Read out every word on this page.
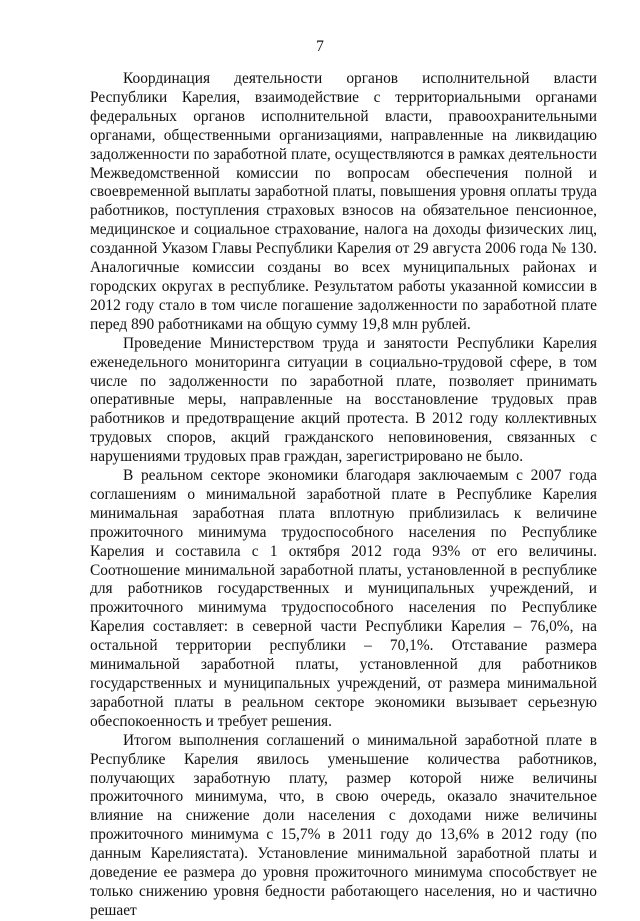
7

Координация деятельности органов исполнительной власти Республики Карелия, взаимодействие с территориальными органами федеральных органов исполнительной власти, правоохранительными органами, общественными организациями, направленные на ликвидацию задолженности по заработной плате, осуществляются в рамках деятельности Межведомственной комиссии по вопросам обеспечения полной и своевременной выплаты заработной платы, повышения уровня оплаты труда работников, поступления страховых взносов на обязательное пенсионное, медицинское и социальное страхование, налога на доходы физических лиц, созданной Указом Главы Республики Карелия от 29 августа 2006 года № 130. Аналогичные комиссии созданы во всех муниципальных районах и городских округах в республике. Результатом работы указанной комиссии в 2012 году стало в том числе погашение задолженности по заработной плате перед 890 работниками на общую сумму 19,8 млн рублей.

Проведение Министерством труда и занятости Республики Карелия еженедельного мониторинга ситуации в социально-трудовой сфере, в том числе по задолженности по заработной плате, позволяет принимать оперативные меры, направленные на восстановление трудовых прав работников и предотвращение акций протеста. В 2012 году коллективных трудовых споров, акций гражданского неповиновения, связанных с нарушениями трудовых прав граждан, зарегистрировано не было.

В реальном секторе экономики благодаря заключаемым с 2007 года соглашениям о минимальной заработной плате в Республике Карелия минимальная заработная плата вплотную приблизилась к величине прожиточного минимума трудоспособного населения по Республике Карелия и составила с 1 октября 2012 года 93% от его величины. Соотношение минимальной заработной платы, установленной в республике для работников государственных и муниципальных учреждений, и прожиточного минимума трудоспособного населения по Республике Карелия составляет: в северной части Республики Карелия – 76,0%, на остальной территории республики – 70,1%. Отставание размера минимальной заработной платы, установленной для работников государственных и муниципальных учреждений, от размера минимальной заработной платы в реальном секторе экономики вызывает серьезную обеспокоенность и требует решения.

Итогом выполнения соглашений о минимальной заработной плате в Республике Карелия явилось уменьшение количества работников, получающих заработную плату, размер которой ниже величины прожиточного минимума, что, в свою очередь, оказало значительное влияние на снижение доли населения с доходами ниже величины прожиточного минимума с 15,7% в 2011 году до 13,6% в 2012 году (по данным Карелиястата). Установление минимальной заработной платы и доведение ее размера до уровня прожиточного минимума способствует не только снижению уровня бедности работающего населения, но и частично решает
